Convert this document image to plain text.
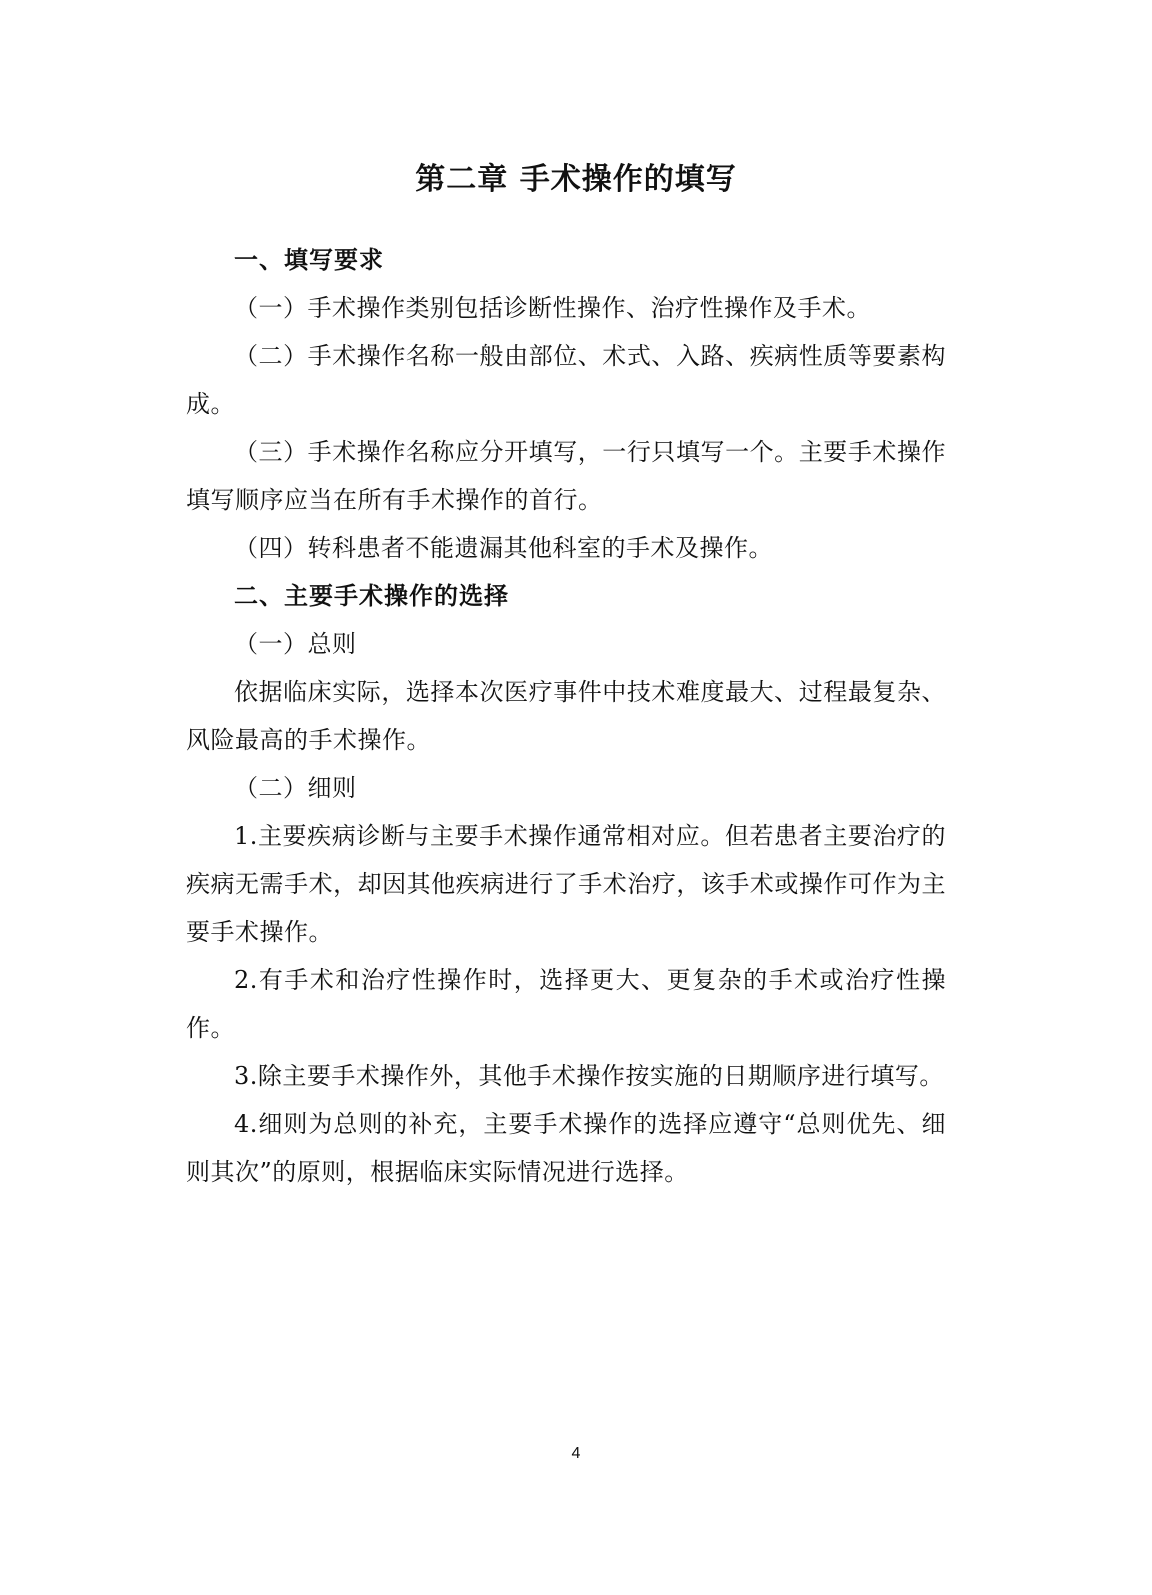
第二章 手术操作的填写

一、填写要求

（一）手术操作类别包括诊断性操作、治疗性操作及手术。

（二）手术操作名称一般由部位、术式、入路、疾病性质等要素构成。

（三）手术操作名称应分开填写，一行只填写一个。主要手术操作填写顺序应当在所有手术操作的首行。

（四）转科患者不能遗漏其他科室的手术及操作。

二、主要手术操作的选择

（一）总则

依据临床实际，选择本次医疗事件中技术难度最大、过程最复杂、风险最高的手术操作。

（二）细则

1.主要疾病诊断与主要手术操作通常相对应。但若患者主要治疗的疾病无需手术，却因其他疾病进行了手术治疗，该手术或操作可作为主要手术操作。

2.有手术和治疗性操作时，选择更大、更复杂的手术或治疗性操作。

3.除主要手术操作外，其他手术操作按实施的日期顺序进行填写。

4.细则为总则的补充，主要手术操作的选择应遵守“总则优先、细则其次”的原则，根据临床实际情况进行选择。

4
